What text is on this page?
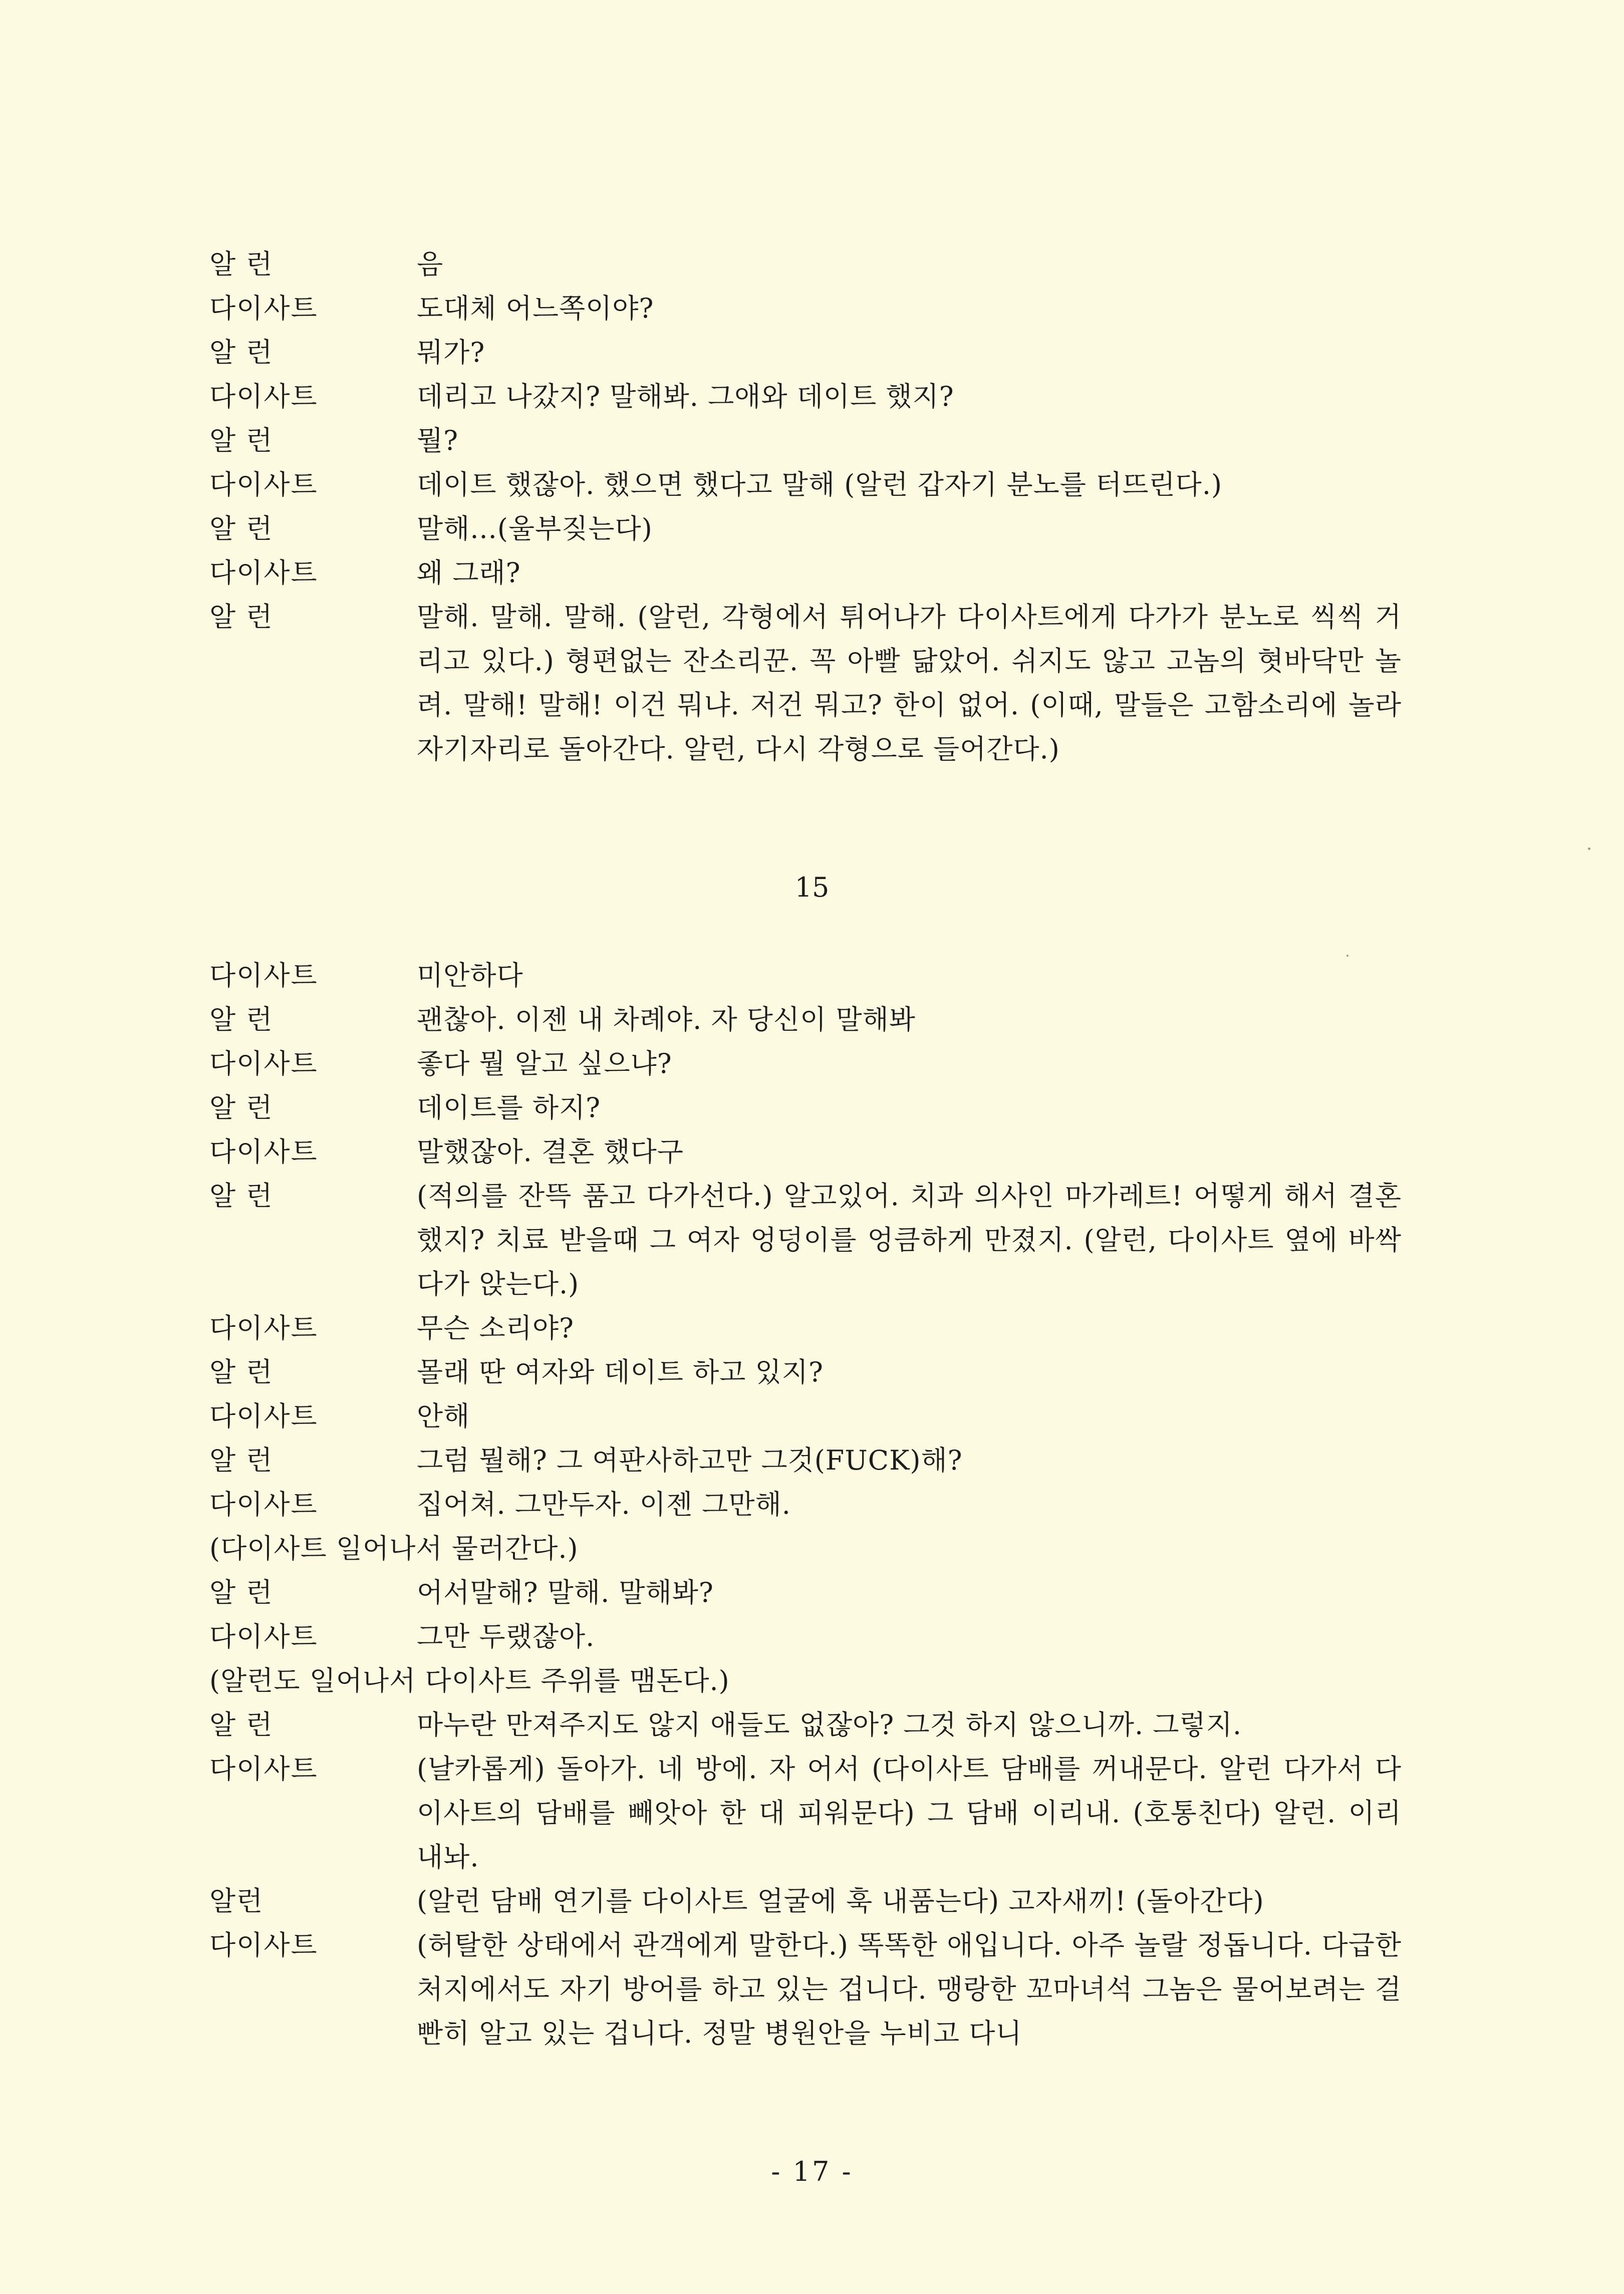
알 런	음
다이사트	도대체 어느쪽이야?
알 런	뭐가?
다이사트	데리고 나갔지? 말해봐. 그애와 데이트 했지?
알 런	뭘?
다이사트	데이트 했잖아. 했으면 했다고 말해 (알런 갑자기 분노를 터뜨린다.)
알 런	말해...(울부짖는다)
다이사트	왜 그래?
알 런	말해. 말해. 말해. (알런, 각형에서 튀어나가 다이사트에게 다가가 분노로 씩씩 거리고 있다.) 형편없는 잔소리꾼. 꼭 아빨 닮았어. 쉬지도 않고 고놈의 혓바닥만 놀려. 말해! 말해! 이건 뭐냐. 저건 뭐고? 한이 없어. (이때, 말들은 고함소리에 놀라 자기자리로 돌아간다. 알런, 다시 각형으로 들어간다.)
15
다이사트	미안하다
알 런	괜찮아. 이젠 내 차례야. 자 당신이 말해봐
다이사트	좋다 뭘 알고 싶으냐?
알 런	데이트를 하지?
다이사트	말했잖아. 결혼 했다구
알 런	(적의를 잔뜩 품고 다가선다.) 알고있어. 치과 의사인 마가레트! 어떻게 해서 결혼했지? 치료 받을때 그 여자 엉덩이를 엉큼하게 만졌지. (알런, 다이사트 옆에 바싹 다가 앉는다.)
다이사트	무슨 소리야?
알 런	몰래 딴 여자와 데이트 하고 있지?
다이사트	안해
알 런	그럼 뭘해? 그 여판사하고만 그것(FUCK)해?
다이사트	집어쳐. 그만두자. 이젠 그만해.
(다이사트 일어나서 물러간다.)
알 런	어서말해? 말해. 말해봐?
다이사트	그만 두랬잖아.
(알런도 일어나서 다이사트 주위를 맴돈다.)
알 런	마누란 만져주지도 않지 애들도 없잖아? 그것 하지 않으니까. 그렇지.
다이사트	(날카롭게) 돌아가. 네 방에. 자 어서 (다이사트 담배를 꺼내문다. 알런 다가서 다이사트의 담배를 빼앗아 한 대 피워문다) 그 담배 이리내. (호통친다) 알런. 이리 내놔.
알런	(알런 담배 연기를 다이사트 얼굴에 훅 내품는다) 고자새끼! (돌아간다)
다이사트	(허탈한 상태에서 관객에게 말한다.) 똑똑한 애입니다. 아주 놀랄 정돕니다. 다급한 처지에서도 자기 방어를 하고 있는 겁니다. 맹랑한 꼬마녀석 그놈은 물어보려는 걸 빤히 알고 있는 겁니다. 정말 병원안을 누비고 다니
- 17 -
